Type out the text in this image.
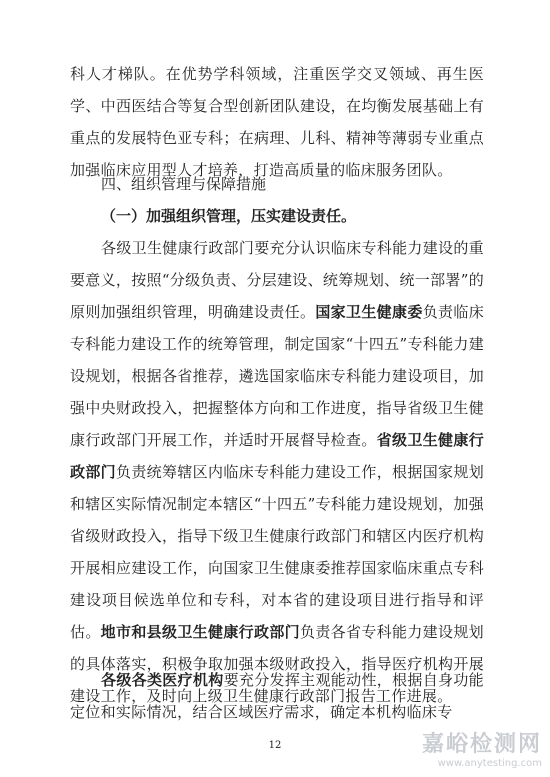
科人才梯队。在优势学科领域，注重医学交叉领域、再生医学、中西医结合等复合型创新团队建设，在均衡发展基础上有重点的发展特色亚专科；在病理、儿科、精神等薄弱专业重点加强临床应用型人才培养，打造高质量的临床服务团队。
四、组织管理与保障措施
（一）加强组织管理，压实建设责任。
各级卫生健康行政部门要充分认识临床专科能力建设的重要意义，按照“分级负责、分层建设、统筹规划、统一部署”的原则加强组织管理，明确建设责任。国家卫生健康委负责临床专科能力建设工作的统筹管理，制定国家“十四五”专科能力建设规划，根据各省推荐，遴选国家临床专科能力建设项目，加强中央财政投入，把握整体方向和工作进度，指导省级卫生健康行政部门开展工作，并适时开展督导检查。省级卫生健康行政部门负责统筹辖区内临床专科能力建设工作，根据国家规划和辖区实际情况制定本辖区“十四五”专科能力建设规划，加强省级财政投入，指导下级卫生健康行政部门和辖区内医疗机构开展相应建设工作，向国家卫生健康委推荐国家临床重点专科建设项目候选单位和专科，对本省的建设项目进行指导和评估。地市和县级卫生健康行政部门负责各省专科能力建设规划的具体落实，积极争取加强本级财政投入，指导医疗机构开展建设工作，及时向上级卫生健康行政部门报告工作进展。
各级各类医疗机构要充分发挥主观能动性，根据自身功能定位和实际情况，结合区域医疗需求，确定本机构临床专
12	嘉峪检测网
www.anytesting.com
